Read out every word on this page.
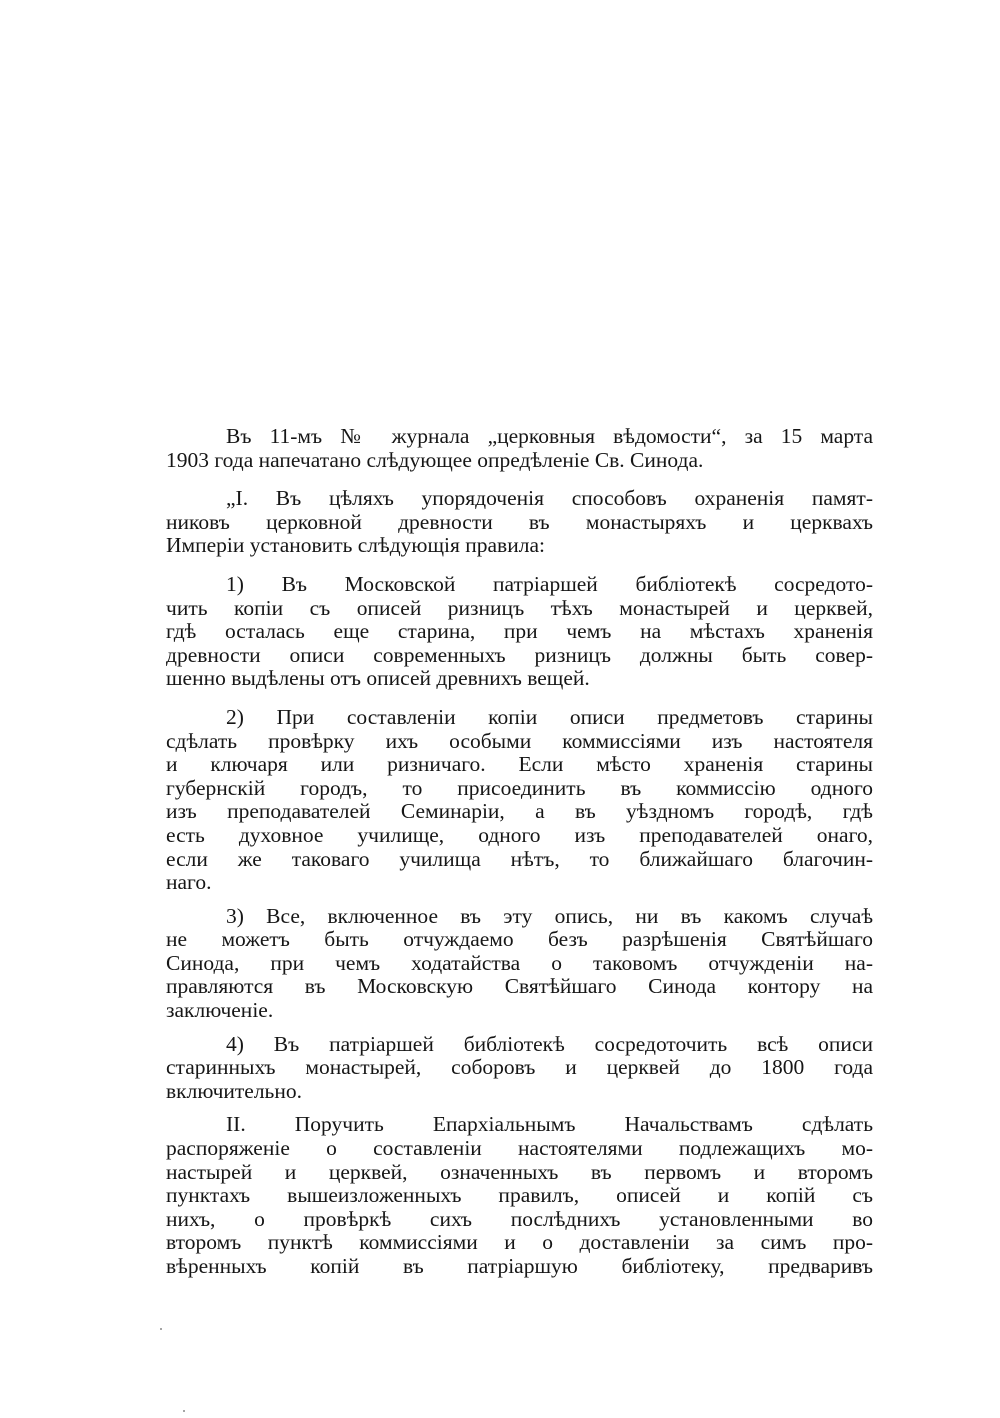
Въ 11-мъ № журнала „церковныя вѣдомости“, за 15 марта
1903 года напечатано слѣдующее опредѣленіе Св. Синода.

„I. Въ цѣляхъ упорядоченія способовъ охраненія памят-
никовъ церковной древности въ монастыряхъ и церквахъ
Имперіи установить слѣдующія правила:

1) Въ Московской патріаршей библіотекѣ сосредото-
чить копіи съ описей ризницъ тѣхъ монастырей и церквей,
гдѣ осталась еще старина, при чемъ на мѣстахъ храненія
древности описи современныхъ ризницъ должны быть совер-
шенно выдѣлены отъ описей древнихъ вещей.

2) При составленіи копіи описи предметовъ старины
сдѣлать провѣрку ихъ особыми коммиссіями изъ настоятеля
и ключаря или ризничаго. Если мѣсто храненія старины
губернскій городъ, то присоединить въ коммиссію одного
изъ преподавателей Семинаріи, а въ уѣздномъ городѣ, гдѣ
есть духовное училище, одного изъ преподавателей онаго,
если же таковаго училища нѣтъ, то ближайшаго благочин-
наго.

3) Все, включенное въ эту опись, ни въ какомъ случаѣ
не можетъ быть отчуждаемо безъ разрѣшенія Святѣйшаго
Синода, при чемъ ходатайства о таковомъ отчужденіи на-
правляются въ Московскую Святѣйшаго Синода контору на
заключеніе.

4) Въ патріаршей библіотекѣ сосредоточить всѣ описи
старинныхъ монастырей, соборовъ и церквей до 1800 года
включительно.

II. Поручить Епархіальнымъ Начальствамъ сдѣлать
распоряженіе о составленіи настоятелями подлежащихъ мо-
настырей и церквей, означенныхъ въ первомъ и второмъ
пунктахъ вышеизложенныхъ правилъ, описей и копій съ
нихъ, о провѣркѣ сихъ послѣднихъ установленными во
второмъ пунктѣ коммиссіями и о доставленіи за симъ про-
вѣренныхъ копій въ патріаршую библіотеку, предваривъ
